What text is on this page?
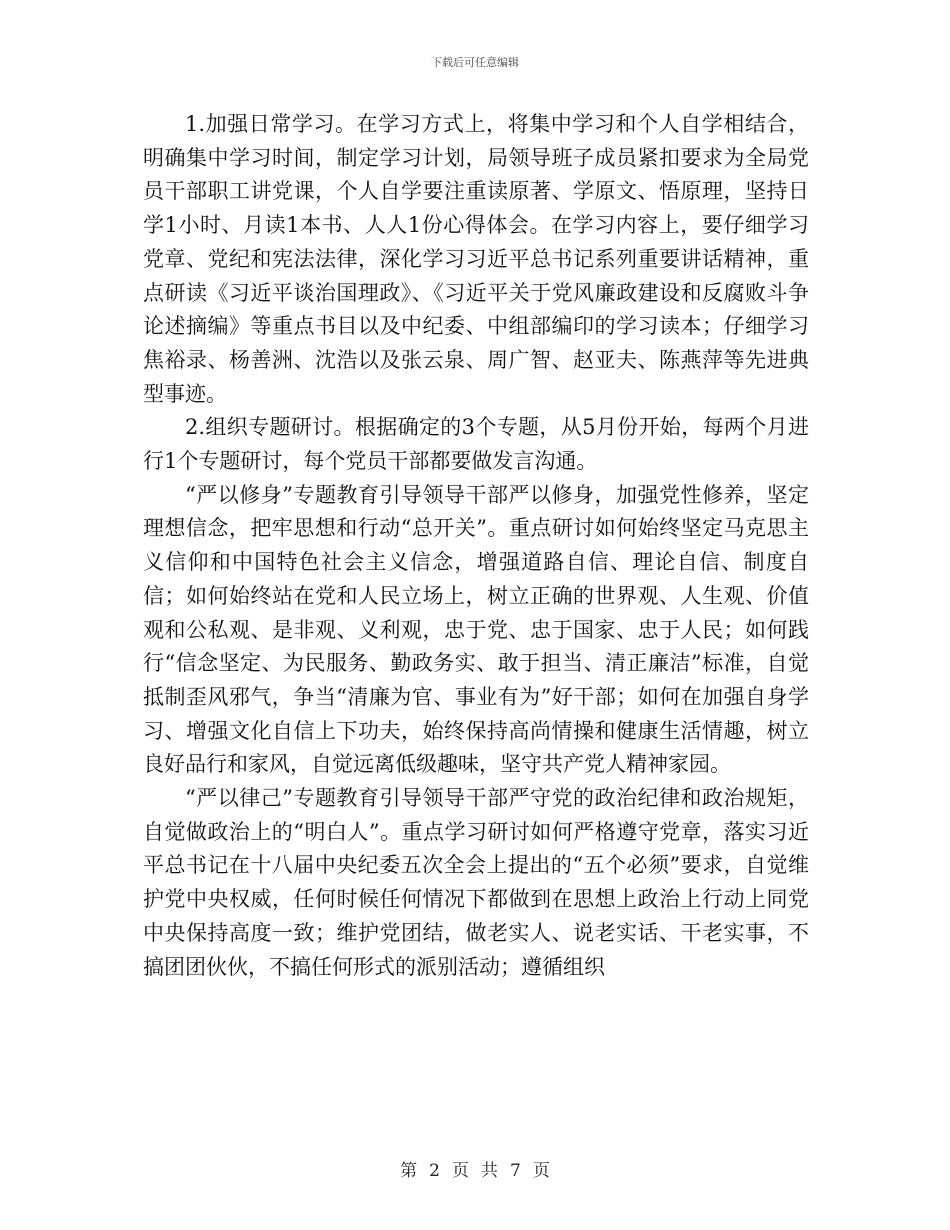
下载后可任意编辑

1.加强日常学习。在学习方式上，将集中学习和个人自学相结合，明确集中学习时间，制定学习计划，局领导班子成员紧扣要求为全局党员干部职工讲党课，个人自学要注重读原著、学原文、悟原理，坚持日学1小时、月读1本书、人人1份心得体会。在学习内容上，要仔细学习党章、党纪和宪法法律，深化学习习近平总书记系列重要讲话精神，重点研读《习近平谈治国理政》、《习近平关于党风廉政建设和反腐败斗争论述摘编》等重点书目以及中纪委、中组部编印的学习读本；仔细学习焦裕录、杨善洲、沈浩以及张云泉、周广智、赵亚夫、陈燕萍等先进典型事迹。

2.组织专题研讨。根据确定的3个专题，从5月份开始，每两个月进行1个专题研讨，每个党员干部都要做发言沟通。

“严以修身”专题教育引导领导干部严以修身，加强党性修养，坚定理想信念，把牢思想和行动“总开关”。重点研讨如何始终坚定马克思主义信仰和中国特色社会主义信念，增强道路自信、理论自信、制度自信；如何始终站在党和人民立场上，树立正确的世界观、人生观、价值观和公私观、是非观、义利观，忠于党、忠于国家、忠于人民；如何践行“信念坚定、为民服务、勤政务实、敢于担当、清正廉洁”标准，自觉抵制歪风邪气，争当“清廉为官、事业有为”好干部；如何在加强自身学习、增强文化自信上下功夫，始终保持高尚情操和健康生活情趣，树立良好品行和家风，自觉远离低级趣味，坚守共产党人精神家园。

“严以律己”专题教育引导领导干部严守党的政治纪律和政治规矩，自觉做政治上的“明白人”。重点学习研讨如何严格遵守党章，落实习近平总书记在十八届中央纪委五次全会上提出的“五个必须”要求，自觉维护党中央权威，任何时候任何情况下都做到在思想上政治上行动上同党中央保持高度一致；维护党团结，做老实人、说老实话、干老实事，不搞团团伙伙，不搞任何形式的派别活动；遵循组织

第 2 页 共 7 页
